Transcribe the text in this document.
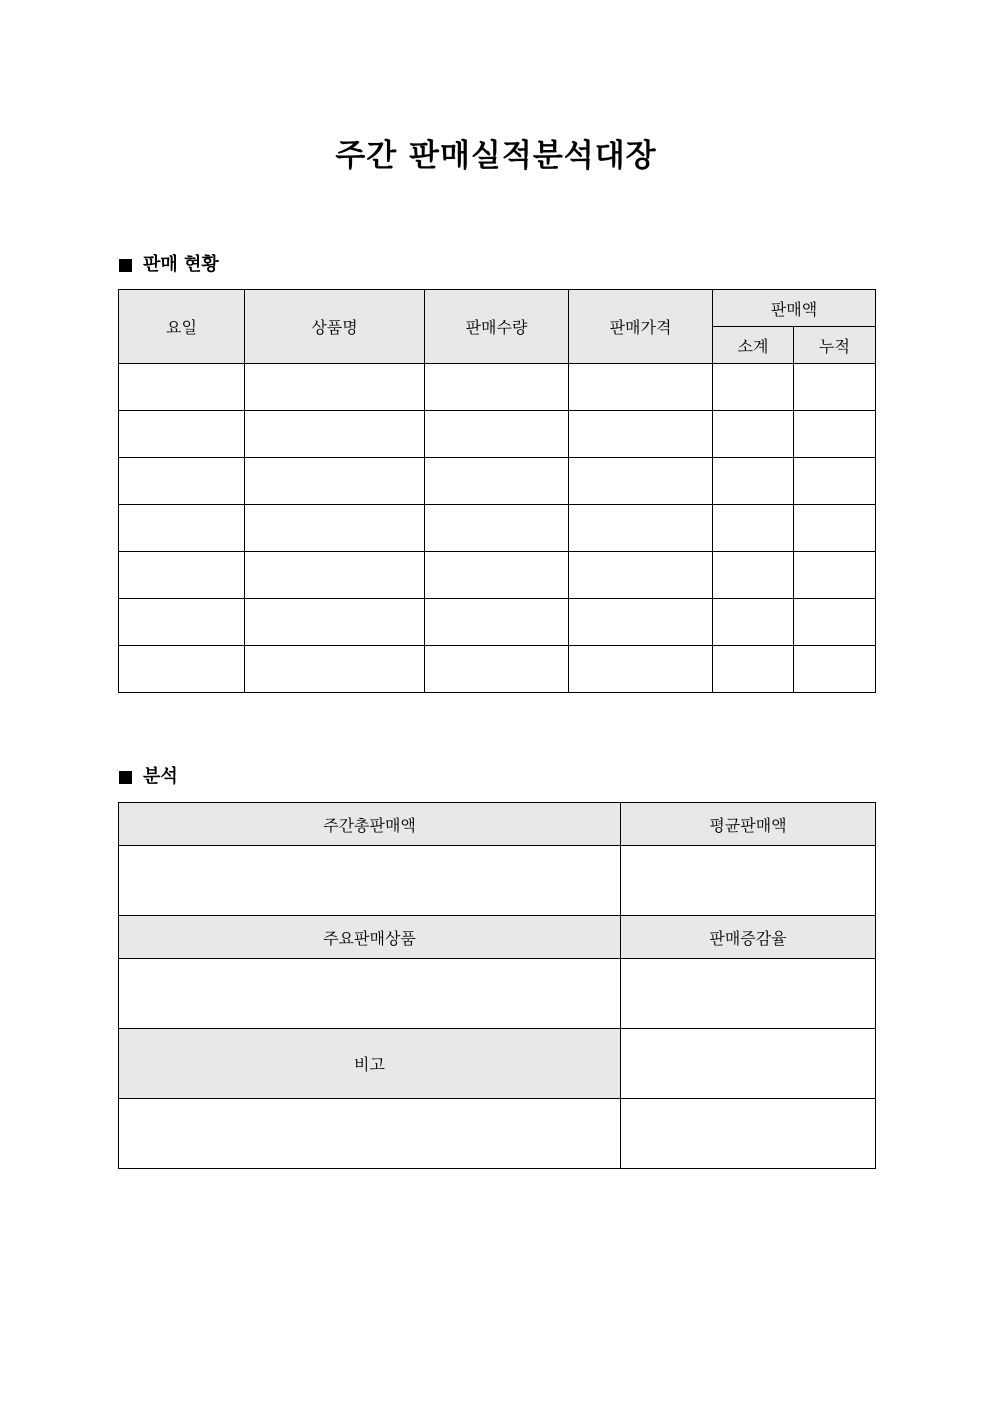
주간 판매실적분석대장
판매 현황
요일	상품명	판매수량	판매가격	판매액	
				소계	누적

분석
주간총판매액	평균판매액

주요판매상품	판매증감율

비고	
